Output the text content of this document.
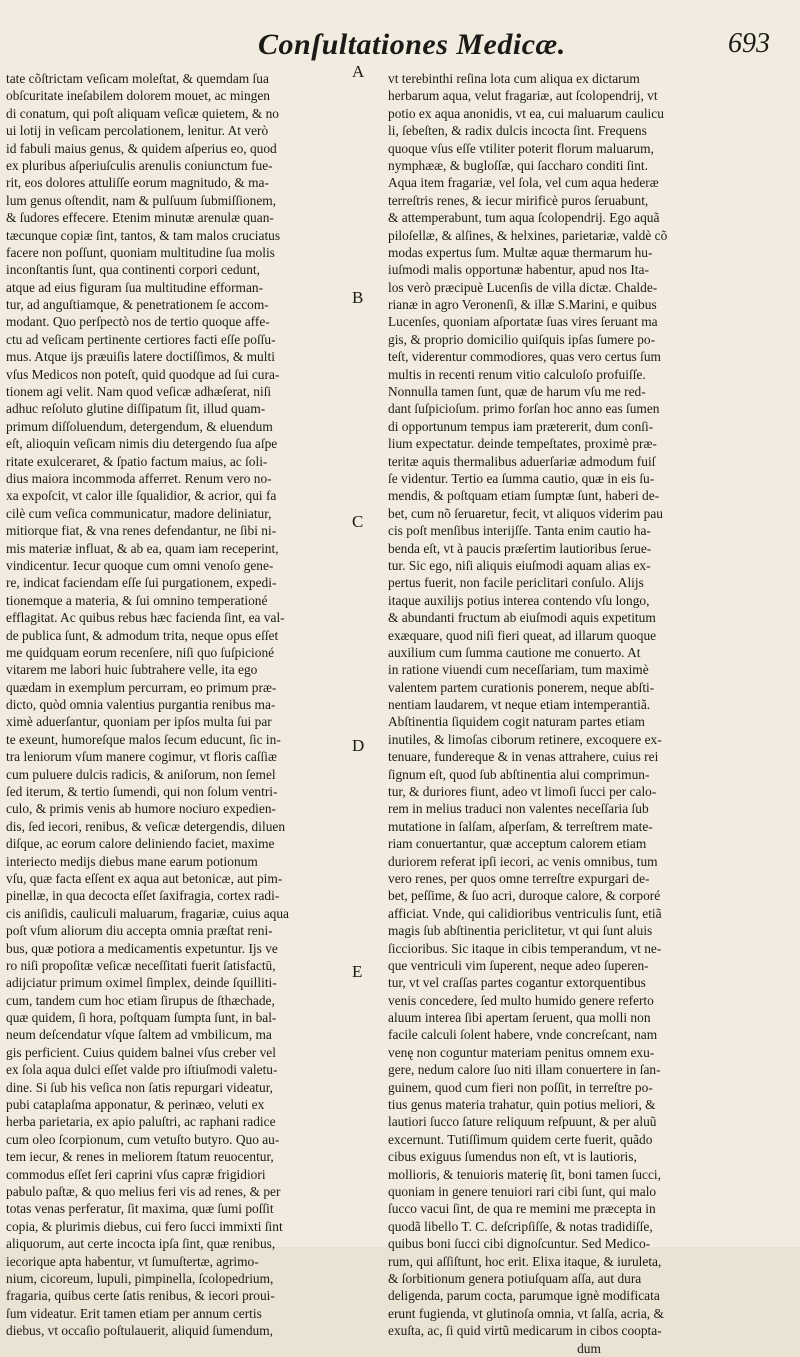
Conſultationes Medicæ.	693
tate cõſtrictam veſicam moleſtat, & quemdam ſua
obſcuritate ineſabilem dolorem mouet, ac mingen
di conatum, qui poſt aliquam veſicæ quietem, & no
ui lotij in veſicam percolationem, lenitur. At verò
id fabuli maius genus, & quidem aſperius eo, quod
ex pluribus aſperiuſculis arenulis coniunctum fue-
rit, eos dolores attuliſſe eorum magnitudo, & ma-
lum genus oſtendit, nam & pulſuum ſubmiſſionem,
& ſudores effecere. Etenim minutæ arenulæ quan-
tæcunque copiæ ſint, tantos, & tam malos cruciatus
facere non poſſunt, quoniam multitudine ſua molis
inconſtantis ſunt, qua continenti corpori cedunt,
atque ad eius figuram ſua multitudine efforman-
tur, ad anguſtiamque, & penetrationem ſe accom-
modant. Quo perſpectò nos de tertio quoque affe-
ctu ad veſicam pertinente certiores facti eſſe poſſu-
mus. Atque ijs præuiſis latere doctiſſimos, & multi
vſus Medicos non poteſt, quid quodque ad ſui cura-
tionem agi velit. Nam quod veſicæ adhæſerat, niſi
adhuc reſoluto glutine diſſipatum ſit, illud quam-
primum diſſoluendum, detergendum, & eluendum
eſt, alioquin veſicam nimis diu detergendo ſua aſpe
ritate exulceraret, & ſpatio factum maius, ac ſoli-
dius maiora incommoda afferret. Renum vero no-
xa expoſcit, vt calor ille ſqualidior, & acrior, qui fa
cilè cum veſica communicatur, madore deliniatur,
mitiorque fiat, & vna renes defendantur, ne ſibi ni-
mis materiæ influat, & ab ea, quam iam receperint,
vindicentur. Iecur quoque cum omni venoſo gene-
re, indicat faciendam eſſe ſui purgationem, expedi-
tionemque a materia, & ſui omnino temperationé
efflagitat. Ac quibus rebus hæc facienda ſint, ea val-
de publica ſunt, & admodum trita, neque opus eſſet
me quidquam eorum recenſere, niſi quo ſuſpicioné
vitarem me labori huic ſubtrahere velle, ita ego
quædam in exemplum percurram, eo primum præ-
dicto, quòd omnia valentius purgantia renibus ma-
ximè aduerſantur, quoniam per ipſos multa ſui par
te exeunt, humoreſque malos ſecum educunt, ſic in-
tra leniorum vſum manere cogimur, vt floris caſſiæ
cum puluere dulcis radicis, & aniſorum, non ſemel
ſed iterum, & tertio ſumendi, qui non ſolum ventri-
culo, & primis venis ab humore nociuro expedien-
dis, ſed iecori, renibus, & veſicæ detergendis, diluen
diſque, ac eorum calore deliniendo faciet, maxime
interiecto medijs diebus mane earum potionum
vſu, quæ facta eſſent ex aqua aut betonicæ, aut pim-
pinellæ, in qua decocta eſſet ſaxifragia, cortex radi-
cis aniſidis, cauliculi maluarum, fragariæ, cuius aqua
poſt vſum aliorum diu accepta omnia præſtat reni-
bus, quæ potiora a medicamentis expetuntur. Ijs ve
ro niſi propoſitæ veſicæ neceſſitati fuerit ſatisfactū,
adijciatur primum oximel ſimplex, deinde ſquilliti-
cum, tandem cum hoc etiam ſirupus de ſthæchade,
quæ quidem, ſi hora, poſtquam ſumpta ſunt, in bal-
neum deſcendatur vſque ſaltem ad vmbilicum, ma
gis perficient. Cuius quidem balnei vſus creber vel
ex ſola aqua dulci eſſet valde pro iſtiuſmodi valetu-
dine. Si ſub his veſica non ſatis repurgari videatur,
pubi cataplaſma apponatur, & perinæo, veluti ex
herba parietaria, ex apio paluſtri, ac raphani radice
cum oleo ſcorpionum, cum vetuſto butyro. Quo au-
tem iecur, & renes in meliorem ſtatum reuocentur,
commodus eſſet ſeri caprini vſus capræ frigidiori
pabulo paſtæ, & quo melius feri vis ad renes, & per
totas venas perferatur, ſit maxima, quæ ſumi poſſit
copia, & plurimis diebus, cui fero ſucci immixti ſint
aliquorum, aut certe incocta ipſa ſint, quæ renibus,
iecorique apta habentur, vt ſumuſtertæ, agrimo-
nium, cicoreum, lupuli, pimpinella, ſcolopedrium,
fragaria, quibus certe ſatis renibus, & iecori proui-
ſum videatur. Erit tamen etiam per annum certis
diebus, vt occaſio poſtulauerit, aliquid ſumendum,
A
B
C
D
E
vt terebinthi reſina lota cum aliqua ex dictarum
herbarum aqua, velut fragariæ, aut ſcolopendrij, vt
potio ex aqua anonidis, vt ea, cui maluarum caulicu
li, ſebeſten, & radix dulcis incocta ſint. Frequens
quoque vſus eſſe vtiliter poterit florum maluarum,
nymphææ, & bugloſſæ, qui ſaccharo conditi ſint.
Aqua item fragariæ, vel ſola, vel cum aqua hederæ
terreſtris renes, & iecur mirificè puros ſeruabunt,
& attemperabunt, tum aqua ſcolopendrij. Ego aquã
piloſellæ, & alſines, & helxines, parietariæ, valdè cõ
modas expertus ſum. Multæ aquæ thermarum hu-
iuſmodi malis opportunæ habentur, apud nos Ita-
los verò præcipuè Lucenſis de villa dictæ. Chalde-
rianæ in agro Veronenſi, & illæ S.Marini, e quibus
Lucenſes, quoniam aſportatæ ſuas vires ſeruant ma
gis, & proprio domicilio quiſquis ipſas ſumere po-
teſt, viderentur commodiores, quas vero certus ſum
multis in recenti renum vitio calculoſo profuiſſe.
Nonnulla tamen ſunt, quæ de harum vſu me red-
dant ſuſpicioſum. primo forſan hoc anno eas ſumen
di opportunum tempus iam prætererit, dum conſi-
lium expectatur. deinde tempeſtates, proximè præ-
teritæ aquis thermalibus aduerſariæ admodum fuiſ
ſe videntur. Tertio ea ſumma cautio, quæ in eis ſu-
mendis, & poſtquam etiam ſumptæ ſunt, haberi de-
bet, cum nõ ſeruaretur, fecit, vt aliquos viderim pau
cis poſt menſibus interijſſe. Tanta enim cautio ha-
benda eſt, vt à paucis præſertim lautioribus ſerue-
tur. Sic ego, niſi aliquis eiuſmodi aquam alias ex-
pertus fuerit, non facile periclitari conſulo. Alijs
itaque auxilijs potius interea contendo vſu longo,
& abundanti fructum ab eiuſmodi aquis expetitum
exæquare, quod niſi fieri queat, ad illarum quoque
auxilium cum ſumma cautione me conuerto. At
in ratione viuendi cum neceſſariam, tum maximè
valentem partem curationis ponerem, neque abſti-
nentiam laudarem, vt neque etiam intemperantiã.
Abſtinentia ſiquidem cogit naturam partes etiam
inutiles, & limoſas ciborum retinere, excoquere ex-
tenuare, fundereque & in venas attrahere, cuius rei
ſignum eſt, quod ſub abſtinentia alui comprimun-
tur, & duriores fiunt, adeo vt limoſi ſucci per calo-
rem in melius traduci non valentes neceſſaria ſub
mutatione in ſalſam, aſperſam, & terreſtrem mate-
riam conuertantur, quæ acceptum calorem etiam
duriorem referat ipſi iecori, ac venis omnibus, tum
vero renes, per quos omne terreſtre expurgari de-
bet, peſſime, & ſuo acri, duroque calore, & corporé
afficiat. Vnde, qui calidioribus ventriculis ſunt, etiã
magis ſub abſtinentia periclitetur, vt qui ſunt aluis
ſiccioribus. Sic itaque in cibis temperandum, vt ne-
que ventriculi vim ſuperent, neque adeo ſuperen-
tur, vt vel craſſas partes cogantur extorquentibus
venis concedere, ſed multo humido genere referto
aluum interea ſibi apertam ſeruent, qua molli non
facile calculi ſolent habere, vnde concreſcant, nam
venę non coguntur materiam penitus omnem exu-
gere, nedum calore ſuo niti illam conuertere in ſan-
guinem, quod cum fieri non poſſit, in terreſtre po-
tius genus materia trahatur, quin potius meliori, &
lautiori ſucco ſature reliquum reſpuunt, & per aluũ
excernunt. Tutiſſimum quidem certe fuerit, quãdo
cibus exiguus ſumendus non eſt, vt is lautioris,
mollioris, & tenuioris materię ſit, boni tamen ſucci,
quoniam in genere tenuiori rari cibi ſunt, qui malo
ſucco vacui ſint, de qua re memini me præcepta in
quodã libello T. C. deſcripſiſſe, & notas tradidiſſe,
quibus boni ſucci cibi dignoſcuntur. Sed Medico-
rum, qui aſſiſtunt, hoc erit. Elixa itaque, & iuruleta,
& ſorbitionum genera potiuſquam aſſa, aut dura
deligenda, parum cocta, parumque ignè modificata
erunt fugienda, vt glutinoſa omnia, vt ſalſa, acria, &
exuſta, ac, ſi quid virtũ medicarum in cibos coopta-
dum
